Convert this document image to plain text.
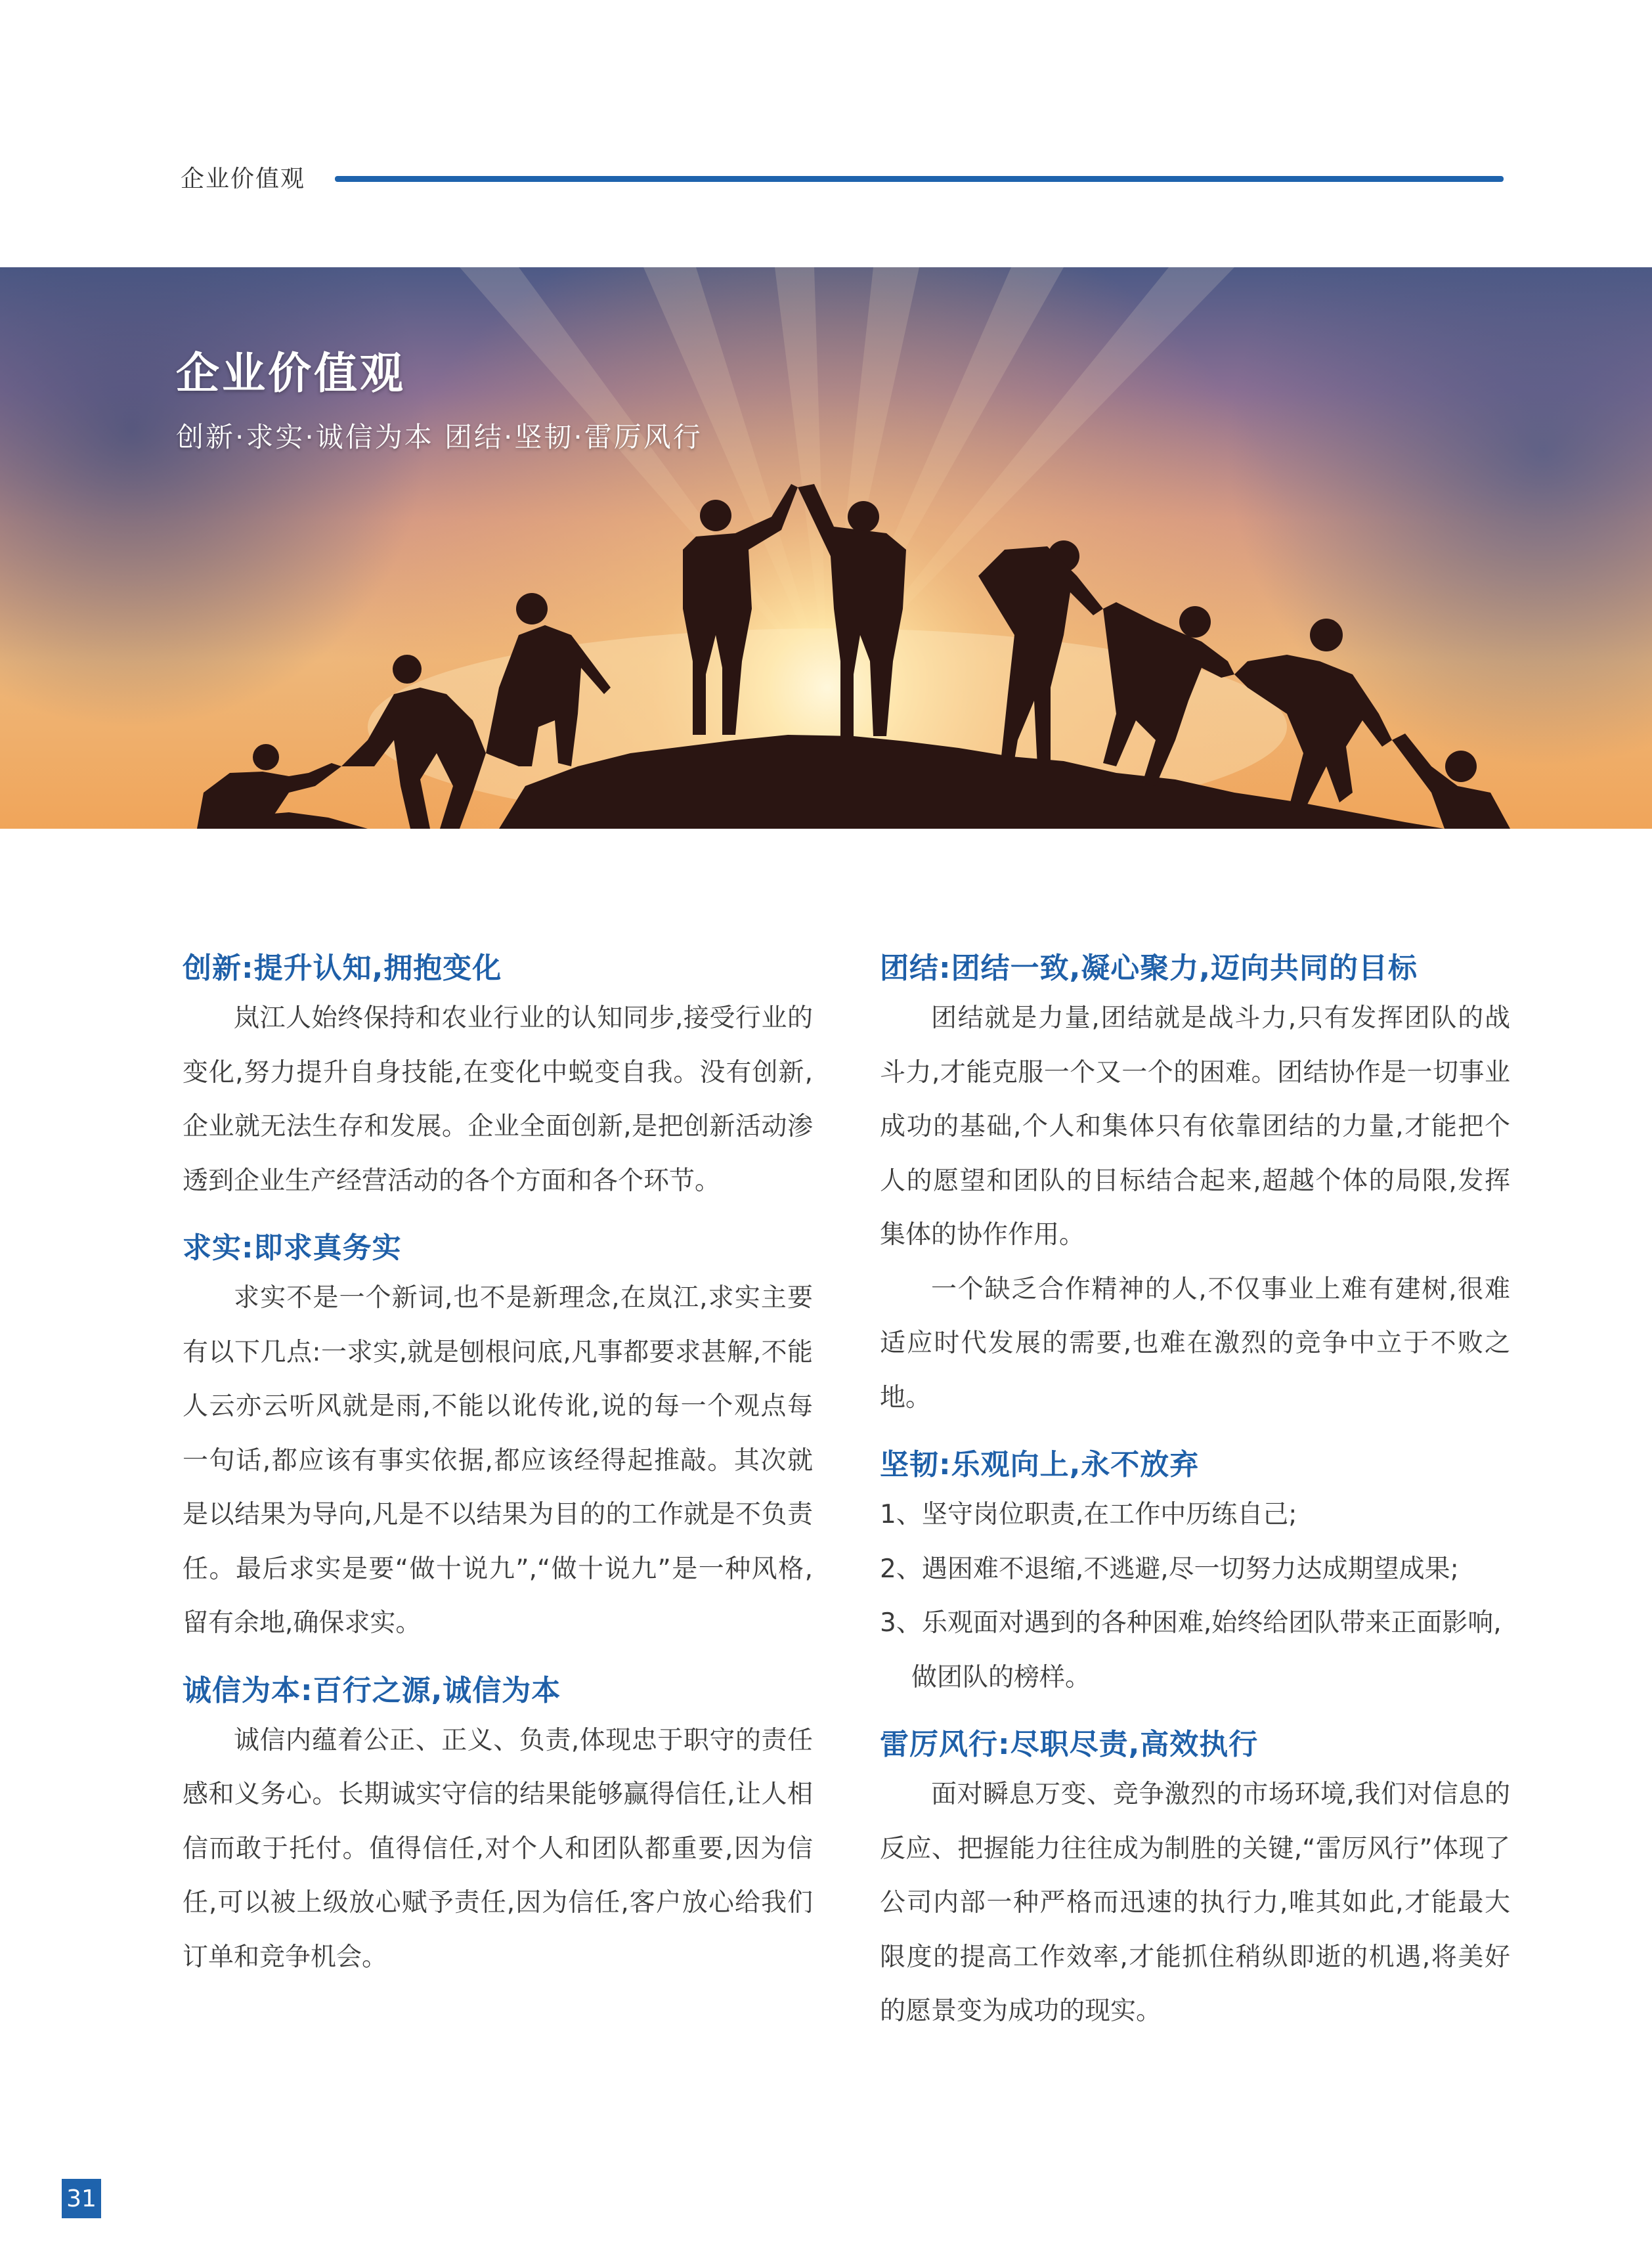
企业价值观
企业价值观
创新·求实·诚信为本 团结·坚韧·雷厉风行
创新:提升认知,拥抱变化

岚江人始终保持和农业行业的认知同步,接受行业的变化,努力提升自身技能,在变化中蜕变自我。没有创新,企业就无法生存和发展。企业全面创新,是把创新活动渗透到企业生产经营活动的各个方面和各个环节。

求实:即求真务实

求实不是一个新词,也不是新理念,在岚江,求实主要有以下几点:一求实,就是刨根问底,凡事都要求甚解,不能人云亦云听风就是雨,不能以讹传讹,说的每一个观点每一句话,都应该有事实依据,都应该经得起推敲。其次就是以结果为导向,凡是不以结果为目的的工作就是不负责任。最后求实是要“做十说九”,“做十说九”是一种风格,留有余地,确保求实。

诚信为本:百行之源,诚信为本

诚信内蕴着公正、正义、负责,体现忠于职守的责任感和义务心。长期诚实守信的结果能够赢得信任,让人相信而敢于托付。值得信任,对个人和团队都重要,因为信任,可以被上级放心赋予责任,因为信任,客户放心给我们订单和竞争机会。

团结:团结一致,凝心聚力,迈向共同的目标

团结就是力量,团结就是战斗力,只有发挥团队的战斗力,才能克服一个又一个的困难。团结协作是一切事业成功的基础,个人和集体只有依靠团结的力量,才能把个人的愿望和团队的目标结合起来,超越个体的局限,发挥集体的协作作用。

一个缺乏合作精神的人,不仅事业上难有建树,很难适应时代发展的需要,也难在激烈的竞争中立于不败之地。

坚韧:乐观向上,永不放弃
1、坚守岗位职责,在工作中历练自己;
2、遇困难不退缩,不逃避,尽一切努力达成期望成果;
3、乐观面对遇到的各种困难,始终给团队带来正面影响,做团队的榜样。
雷厉风行:尽职尽责,高效执行

面对瞬息万变、竞争激烈的市场环境,我们对信息的反应、把握能力往往成为制胜的关键,“雷厉风行”体现了公司内部一种严格而迅速的执行力,唯其如此,才能最大限度的提高工作效率,才能抓住稍纵即逝的机遇,将美好的愿景变为成功的现实。

31
